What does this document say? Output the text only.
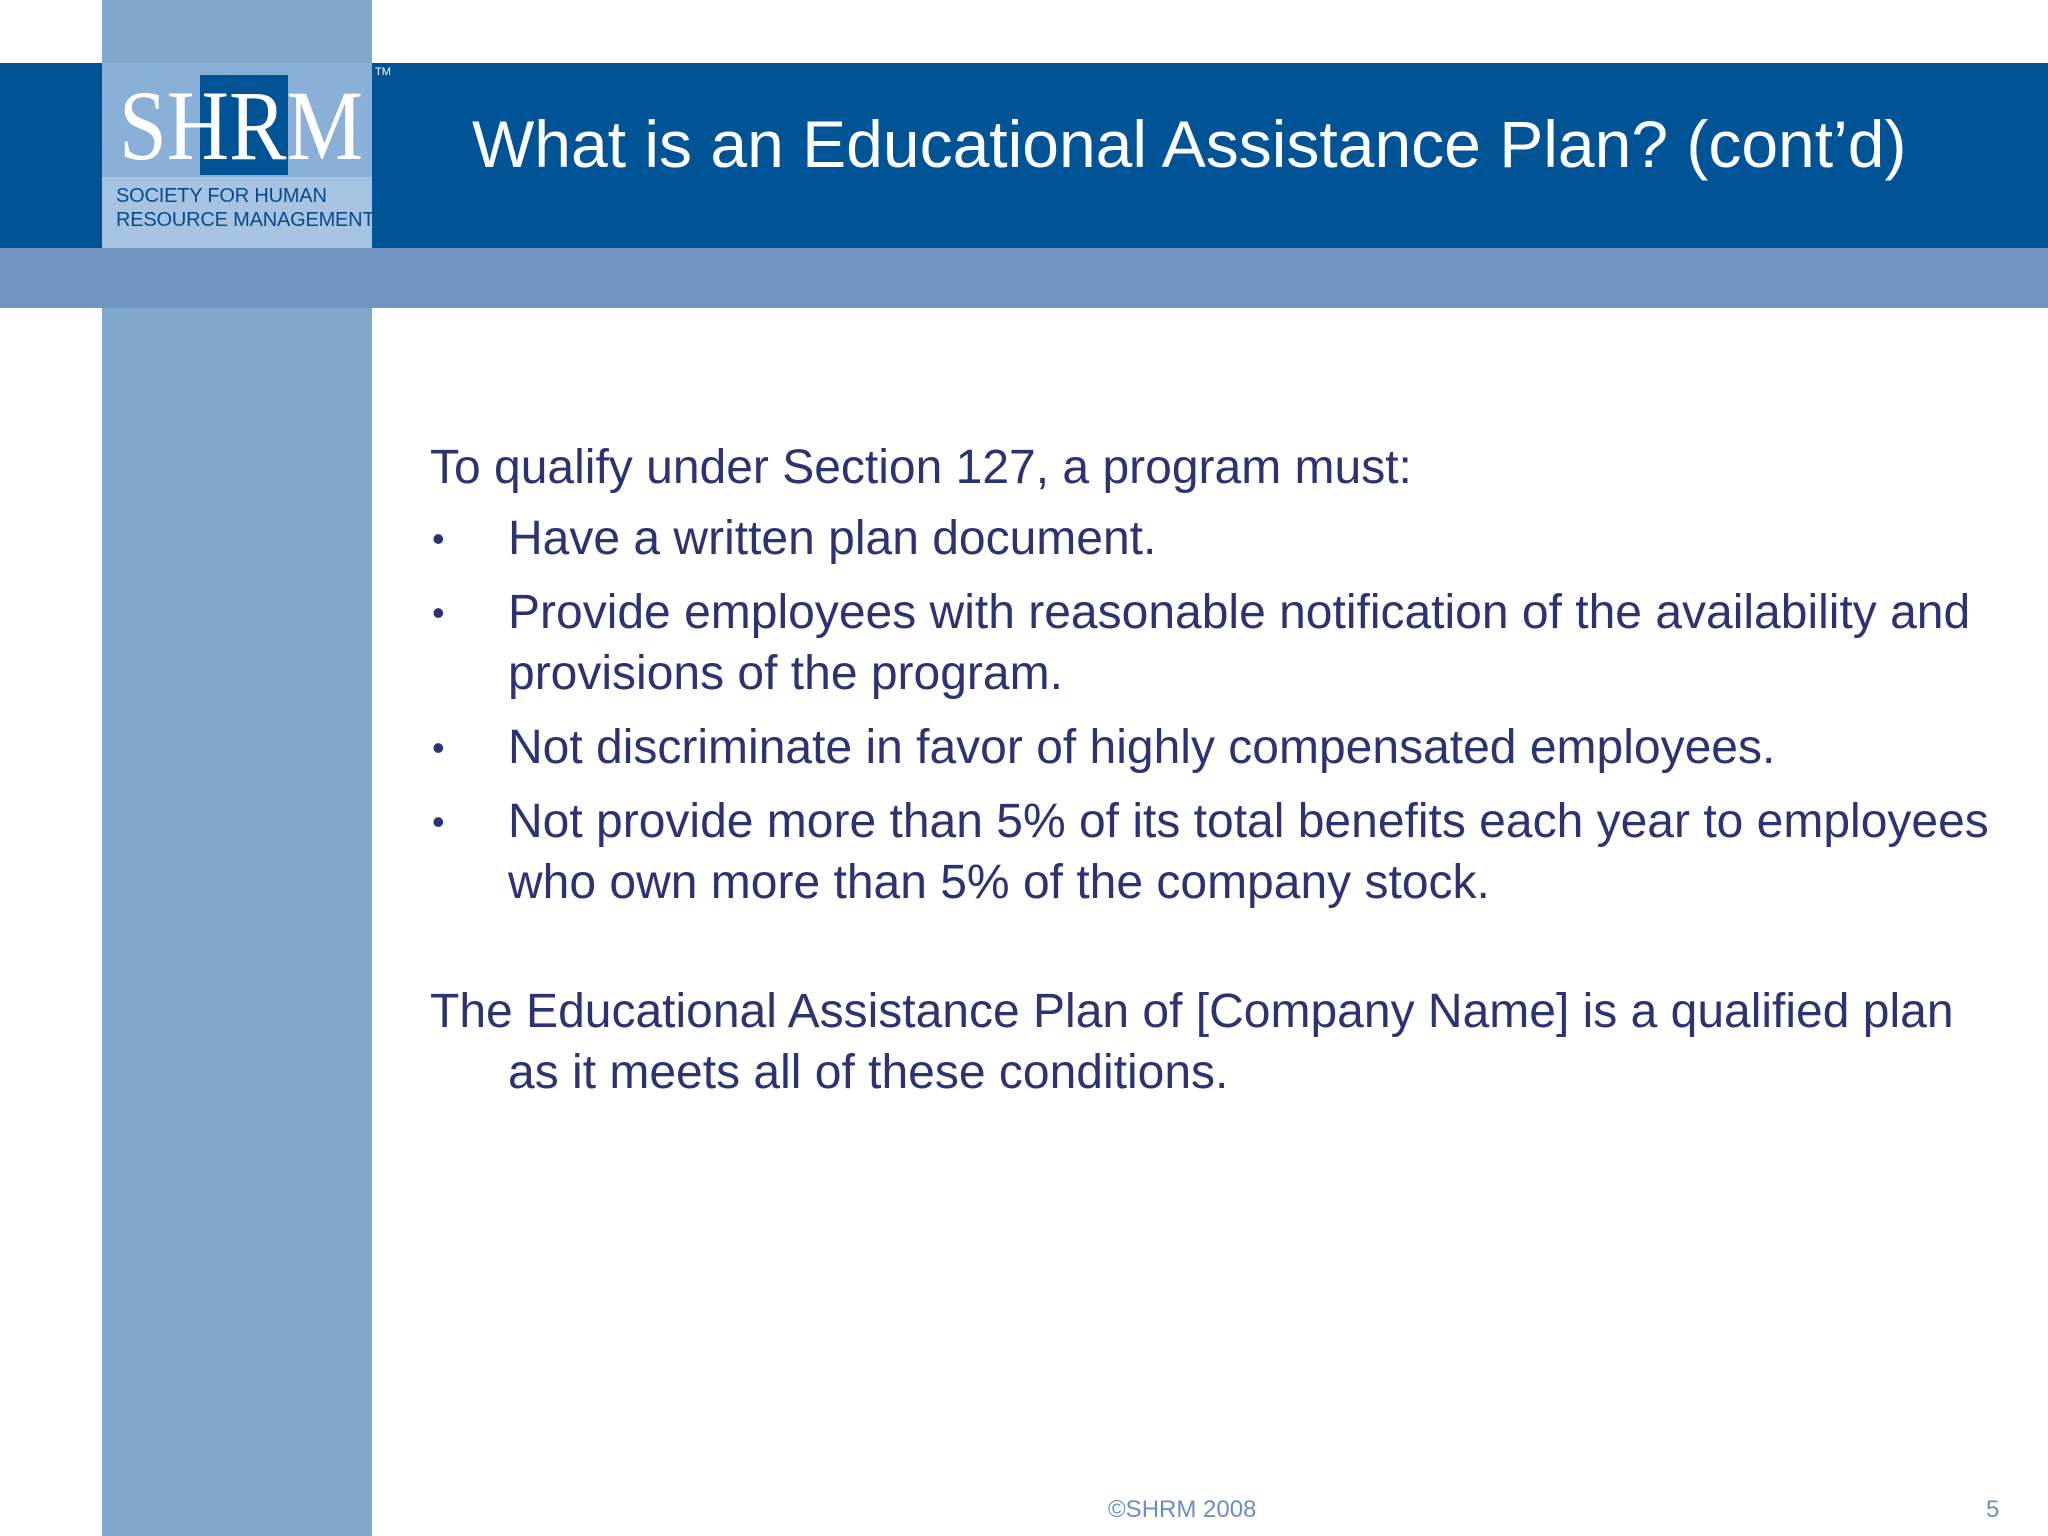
SHRM TM
SOCIETY FOR HUMAN
RESOURCE MANAGEMENT
What is an Educational Assistance Plan? (cont’d)

To qualify under Section 127, a program must:

• Have a written plan document.
• Provide employees with reasonable notification of the availability and provisions of the program.
• Not discriminate in favor of highly compensated employees.
• Not provide more than 5% of its total benefits each year to employees who own more than 5% of the company stock.

The Educational Assistance Plan of [Company Name] is a qualified plan as it meets all of these conditions.

©SHRM 2008	5
